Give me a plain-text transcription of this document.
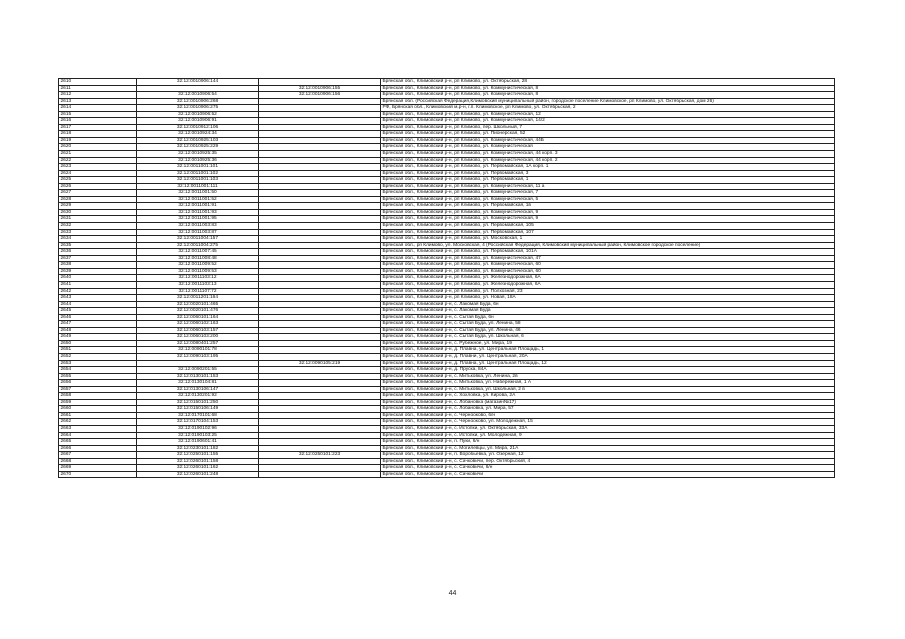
2610	32:12:0010906:144		Брянская обл., Климовский р-н, рп Климово, ул. Октябрьская, 28
2611		32:12:0010906:155	Брянская обл., Климовский р-н, рп Климово, ул. Коммунистическая, 8
2612	32:12:0010906:54	32:12:0010906:156	Брянская обл., Климовский р-н, рп Климово, ул. Коммунистическая, 8
2613	32:12:0010906:268		Брянская обл. (Российская Федерация,Климовский муниципальный район, городское поселение Климовское, рп Климово, ул. Октябрьская, дом 26)
2614	32:12:0010906:275		РФ, Брянская обл., Климовский м.р-н, г.п. Климовское, рп Климово, ул. Октябрьская, 2
2615	32:12:0010906:52		Брянская обл., Климовский р-н, рп Климово, ул. Коммунистическая, 12
2616	32:12:0010906:91		Брянская обл., Климовский р-н, рп Климово, ул. Коммунистическая, 14/2
2617	32:12:0010912:106		Брянская обл., Климовский р-н, рп Климово, пер. Школьный, 7
2618	32:12:0010924:34		Брянская обл., Климовский р-н, рп Климово, ул. Пионерская, 52
2619	32:12:0010925:103		Брянская обл., Климовский р-н, рп Климово, ул. Коммунистическая, 44Б
2620	32:12:0010925:229		Брянская обл., Климовский р-н, рп Климово, ул. Коммунистическая
2621	32:12:0010925:35		Брянская обл., Климовский р-н, рп Климово, ул. Коммунистическая, 44 корп. 3
2622	32:12:0010925:36		Брянская обл., Климовский р-н, рп Климово, ул. Коммунистическая, 44 корп. 2
2623	32:12:0011001:101		Брянская обл., Климовский р-н, рп Климово, ул. Первомайская, 1А корп. 1
2624	32:12:0011001:102		Брянская обл., Климовский р-н, рп Климово, ул. Первомайская, 3
2625	32:12:0011001:103		Брянская обл., Климовский р-н, рп Климово, ул. Первомайская, 1
2626	32:12:0011001:111		Брянская обл., Климовский р-н, рп Климово, ул. Коммунистическая, 11 а
2627	32:12:0011001:50		Брянская обл., Климовский р-н, рп Климово, ул. Коммунистическая, 7
2628	32:12:0011001:52		Брянская обл., Климовский р-н, рп Климово, ул. Коммунистическая, 5
2629	32:12:0011001:91		Брянская обл., Климовский р-н, рп Климово, ул. Первомайская, 1в
2630	32:12:0011001:93		Брянская обл., Климовский р-н, рп Климово, ул. Коммунистическая, 9
2631	32:12:0011001:95		Брянская обл., Климовский р-н, рп Климово, ул. Коммунистическая, 9
2632	32:12:0011003:83		Брянская обл., Климовский р-н, рп Климово, ул. Первомайская, 105
2633	32:12:0011003:87		Брянская обл., Климовский р-н, рп Климово, ул. Первомайская, 107
2634	32:12:0011004:157		Брянская обл., Климовский р-н, рп Климово, ул. Московская, 1
2635	32:12:0011004:275		Брянская обл., рп Климово, ул. Московская, 4 (Российская Федерация, Климовский муниципальный район, Климовское городское поселение)
2636	32:12:0011007:45		Брянская обл., Климовский р-н, рп Климово, ул. Первомайская, 101А
2637	32:12:0011008:48		Брянская обл., Климовский р-н, рп Климово, ул. Коммунистическая, 47
2638	32:12:0011009:52		Брянская обл., Климовский р-н, рп Климово, ул. Коммунистическая, 60
2639	32:12:0011009:53		Брянская обл., Климовский р-н, рп Климово, ул. Коммунистическая, 60
2640	32:12:0011103:12		Брянская обл., Климовский р-н, рп Климово, ул. Железнодорожная, 6А
2641	32:12:0011103:13		Брянская обл., Климовский р-н, рп Климово, ул. Железнодорожная, 6А
2642	32:12:0011107:72		Брянская обл., Климовский р-н, рп Климово, ул. Полхозная, 23
2643	32:12:0011201:164		Брянская обл., Климовский р-н, рп Климово, ул. Новая, 18А
2644	32:12:0020101:465		Брянская обл., Климовский р-н, с. Лакомая Буда, 6н
2645	32:12:0020101:476		Брянская обл., Климовский р-н, с. Лакомая Буда
2646	32:12:0060101:164		Брянская обл., Климовский р-н, с. Сытая Буда, 6н
2647	32:12:0060102:163		Брянская обл., Климовский р-н, с. Сытая Буда, ул. Ленина, 58
2648	32:12:0060103:157		Брянская обл., Климовский р-н, с. Сытая Буда, ул. Ленина, 46
2649	32:12:0060103:200		Брянская обл., Климовский р-н, с. Сытая Буда, ул. Школьная, 6
2650	32:12:0080401:257		Брянская обл., Климовский р-н, с. Рубежное, ул. Мира, 19
2651	32:12:0090101:78		Брянская обл., Климовский р-н, д. Плавна, ул. Центральная Площадь, 1
2652	32:12:0090103:195		Брянская обл., Климовский р-н, д. Плавни, ул. Центральная, 20А
2653		32:12:0090105:219	Брянская обл., Климовский р-н, д. Плавна, ул. Центральная Площадь, 12
2654	32:12:0090201:55		Брянская обл., Климовский р-н, д. Пруска, 84А
2655	32:12:0130101:153		Брянская обл., Климовский р-н, с. Митьковка, ул. Ленина, 2в
2656	32:12:0130104:81		Брянская обл., Климовский р-н, с. Митьковка, ул. Набережная, 1 А
2657	32:12:0130106:147		Брянская обл., Климовский р-н, с. Митьковка, ул. Школьная, 2 в
2658	32:12:0130201:92		Брянская обл., Климовский р-н, с. Хохловка, ул. Кирова, 2А
2659	32:12:0150101:250		Брянская обл., Климовский р-н, с. Лобановка (магазин№17)
2660	32:12:0150106:149		Брянская обл., Климовский р-н, с. Лобановка, ул. Мира, 57
2661	32:12:0170101:68		Брянская обл., Климовский р-н, с. Чернооково, 6/н
2662	32:12:0170104:153		Брянская обл., Климовский р-н, с. Чернооково, ул. Молодежная, 15
2663	32:12:0190102:96		Брянская обл., Климовский р-н, с. Истопки, ул. Октябрьская, 33А
2664	32:12:0190103:25		Брянская обл., Климовский р-н, с. Истопки, ул. Молодежная, 9
2665	32:12:0190601:41		Брянская обл., Климовский р-н, п. Пуки, 6/н
2666	32:12:0230101:182		Брянская обл., Климовский р-н, с. Могилевцы, ул. Мира, 21А
2667	32:12:0250101:155	32:12:0250101:223	Брянская обл., Климовский р-н, п. Воробьевка, ул. Озерная, 12
2668	32:12:0260101:158		Брянская обл., Климовский р-н, с. Сачковичи, пер. Октябрьский, 4
2669	32:12:0260101:162		Брянская обл., Климовский р-н, с. Сачковичи, 6/н
2670	32:12:0260101:248		Брянская обл., Климовский р-н, с. Сачковичи
44
